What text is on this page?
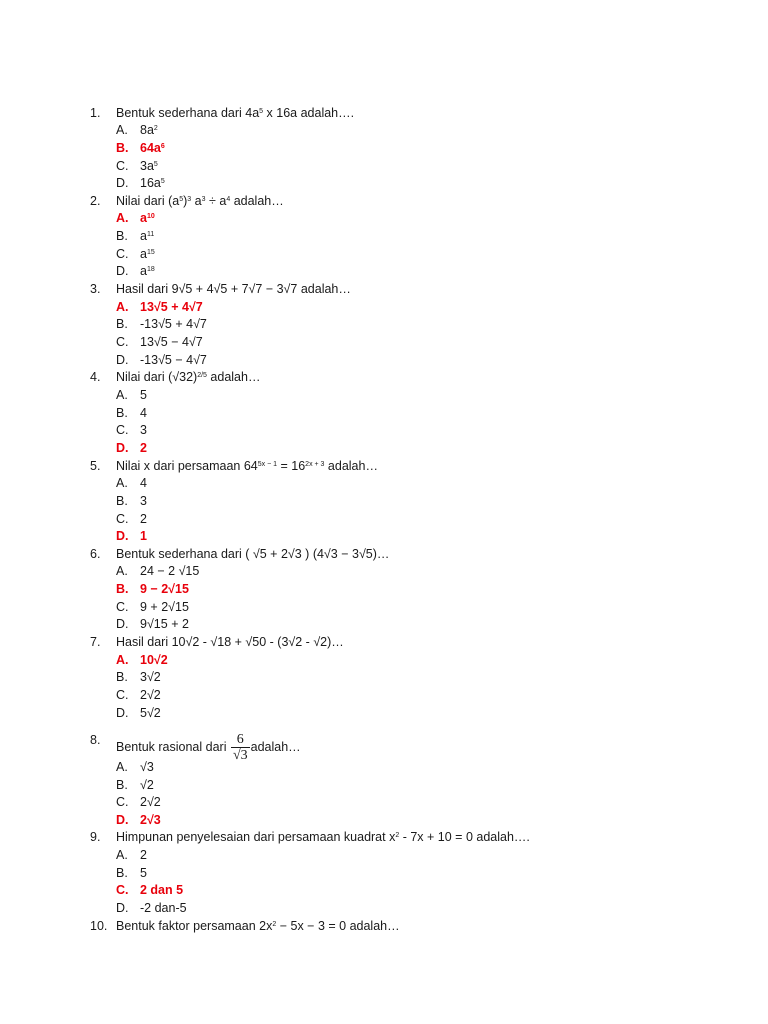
1. Bentuk sederhana dari $4a^5$ x 16a adalah….
A. $8a^2$
B. $64a^6$
C. $3a^5$
D. $16a^5$
2. Nilai dari $(a^5)^3$ $a^3 \div a^4$ adalah…
A. $a^{10}$
B. $a^{11}$
C. $a^{15}$
D. $a^{18}$
3. Hasil dari 9√5 + 4√5 + 7√7 − 3√7 adalah…
A. 13√5 + 4√7
B. -13√5 + 4√7
C. 13√5 − 4√7
D. -13√5 − 4√7
4. Nilai dari $(√32)^{2/5}$ adalah…
A. 5
B. 4
C. 3
D. 2
5. Nilai x dari persamaan $64^{5x - 1} = 16^{2x + 3}$ adalah…
A. 4
B. 3
C. 2
D. 1
6. Bentuk sederhana dari ( √5 + 2√3 ) (4√3 − 3√5)…
A. 24 − 2 √15
B. 9 − 2√15
C. 9 + 2√15
D. 9√15 + 2
7. Hasil dari 10√2 - √18 + √50 - (3√2 - √2)…
A. 10√2
B. 3√2
C. 2√2
D. 5√2
8. Bentuk rasional dari $\frac{6}{√3}$ adalah…
A. √3
B. √2
C. 2√2
D. 2√3
9. Himpunan penyelesaian dari persamaan kuadrat $x^2 - 7x + 10 = 0$ adalah….
A. 2
B. 5
C. 2 dan 5
D. -2 dan-5
10. Bentuk faktor persamaan $2x^2 - 5x - 3 = 0$ adalah…
